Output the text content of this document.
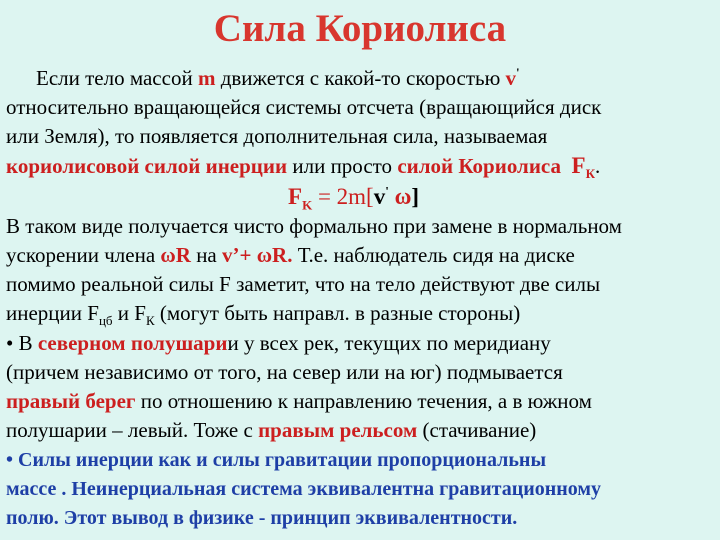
Сила Кориолиса
Если тело массой m движется с какой-то скоростью v'
относительно вращающейся системы отсчета (вращающийся диск
или Земля), то появляется дополнительная сила, называемая
кориолисовой силой инерции или просто силой Кориолиса $F_К$.
$F_K = 2m[v'$ ω]
В таком виде получается чисто формально при замене в нормальном
ускорении члена ωR на v’+ ωR. Т.е. наблюдатель сидя на диске
помимо реальной силы F заметит, что на тело действуют две силы
инерции $F_{цб}$ и $F_К$ (могут быть направл. в разные стороны)
• В северном полушарии у всех рек, текущих по меридиану
(причем независимо от того, на север или на юг) подмывается
правый берег по отношению к направлению течения, а в южном
полушарии – левый. Тоже с правым рельсом (стачивание)
• Силы инерции как и силы гравитации пропорциональны
массе . Неинерциальная система эквивалентна гравитационному
полю. Этот вывод в физике - принцип эквивалентности.
